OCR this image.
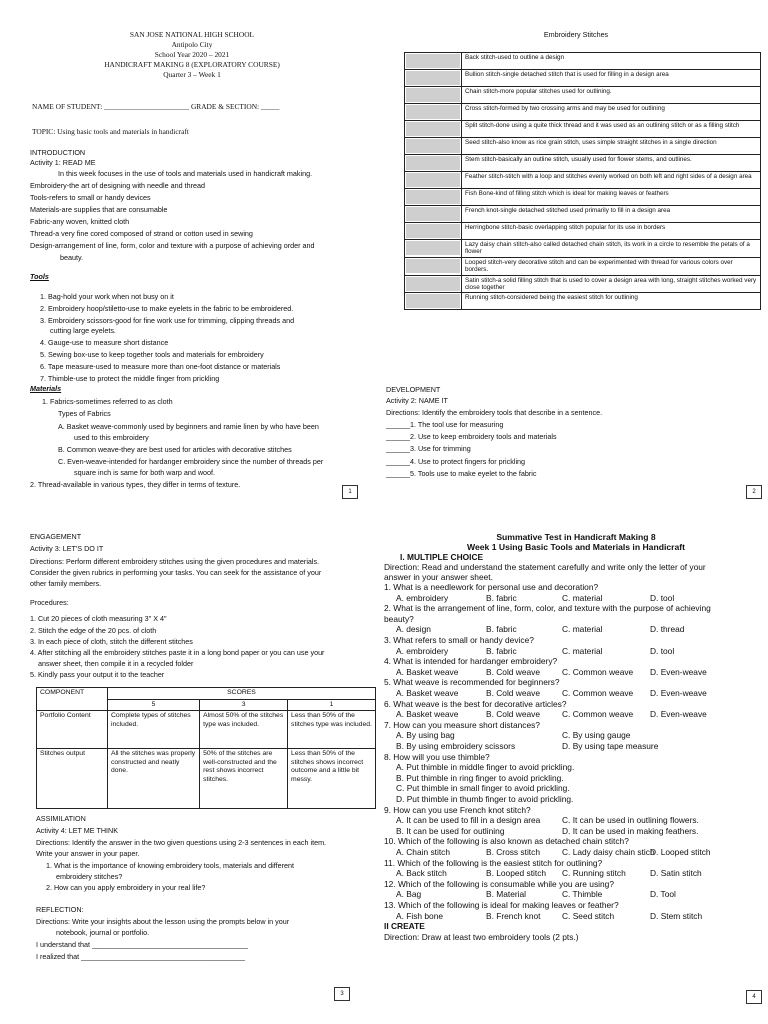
SAN JOSE NATIONAL HIGH SCHOOL
Antipolo City
School Year 2020 – 2021
HANDICRAFT MAKING 8 (EXPLORATORY COURSE)
Quarter 3 – Week 1
NAME OF STUDENT: _______________________ GRADE & SECTION: _____
TOPIC: Using basic tools and materials in handicraft
INTRODUCTION
Activity 1: READ ME
In this week focuses in the use of tools and materials used in handicraft making.
Embroidery-the art of designing with needle and thread
Tools-refers to small or handy devices
Materials-are supplies that are consumable
Fabric-any woven, knitted cloth
Thread-a very fine cored composed of strand or cotton used in sewing
Design-arrangement of line, form, color and texture with a purpose of achieving order and
beauty.
Tools
1. Bag-hold your work when not busy on it
2. Embroidery hoop/stiletto-use to make eyelets in the fabric to be embroidered.
3. Embroidery scissors-good for fine work use for trimming, clipping threads and
cutting large eyelets.
4. Gauge-use to measure short distance
5. Sewing box-use to keep together tools and materials for embroidery
6. Tape measure-used to measure more than one-foot distance or materials
7. Thimble-use to protect the middle finger from prickling
Materials
1. Fabrics-sometimes referred to as cloth
Types of Fabrics
A. Basket weave-commonly used by beginners and ramie linen by who have been
used to this embroidery
B. Common weave-they are best used for articles with decorative stitches
C. Even-weave-intended for hardanger embroidery since the number of threads per
square inch is same for both warp and woof.
2. Thread-available in various types, they differ in terms of texture.
1
Embroidery Stitches
	Back stitch-used to outline a design

	Bullion stitch-single detached stitch that is used for filling in a design area

	Chain stitch-more popular stitches used for outlining.

	Cross stitch-formed by two crossing arms and may be used for outlining

	Split stitch-done using a quite thick thread and it was used as an outlining stitch or as a filling stitch

	Seed stitch-also know as rice grain stitch, uses simple straight stitches in a single direction

	Stem stitch-basically an outline stitch, usually used for flower stems, and outlines.

	Feather stitch-stitch with a loop and stitches evenly worked on both left and right sides of a design area

	Fish Bone-kind of filling stitch which is ideal for making leaves or feathers

	French knot-single detached stitched used primarily to fill in a design area

	Herringbone stitch-basic overlapping stitch popular for its use in borders

	Lazy daisy chain stitch-also called detached chain stitch, its work in a circle to resemble the petals of a flower

	Looped stitch-very decorative stitch and can be experimented with thread for various colors over borders.

	Satin stitch-a solid filling stitch that is used to cover a design area with long, straight stitches worked very close together

	Running stitch-considered being the easiest stitch for outlining
DEVELOPMENT
Activity 2: NAME IT
Directions: Identify the embroidery tools that describe in a sentence.
______1. The tool use for measuring
______2. Use to keep embroidery tools and materials
______3. Use for trimming
______4. Use to protect fingers for prickling
______5. Tools use to make eyelet to the fabric
2
ENGAGEMENT
Activity 3: LET'S DO IT
Directions: Perform different embroidery stitches using the given procedures and materials.
Consider the given rubrics in performing your tasks. You can seek for the assistance of your
other family members.
Procedures:
1. Cut 20 pieces of cloth measuring 3" X 4"
2. Stitch the edge of the 20 pcs. of cloth
3. In each piece of cloth, stitch the different stitches
4. After stitching all the embroidery stitches paste it in a long bond paper or you can use your
answer sheet, then compile it in a recycled folder
5. Kindly pass your output it to the teacher
COMPONENT	SCORES		
	5	3	1
Portfolio Content	Complete types of stitches included.	Almost 50% of the stitches type was included.	Less than 50% of the stitches type was included.
Stitches output	All the stitches was properly constructed and neatly done.	50% of the stitches are well-constructed and the rest shows incorrect stitches.	Less than 50% of the stitches shows incorrect outcome and a little bit messy.
ASSIMILATION
Activity 4: LET ME THINK
Directions: Identify the answer in the two given questions using 2-3 sentences in each item.
Write your answer in your paper.
1. What is the importance of knowing embroidery tools, materials and different
embroidery stitches?
2. How can you apply embroidery in your real life?
REFLECTION:
Directions: Write your insights about the lesson using the prompts below in your
notebook, journal or portfolio.
I understand that _______________________________________
I realized that _________________________________________
3
Summative Test in Handicraft Making 8
Week 1 Using Basic Tools and Materials in Handicraft
I. MULTIPLE CHOICE
Direction: Read and understand the statement carefully and write only the letter of your
answer in your answer sheet.
1. What is a needlework for personal use and decoration?
A. embroidery	B. fabric	C. material	D. tool
2. What is the arrangement of line, form, color, and texture with the purpose of achieving
beauty?
A. design	B. fabric	C. material	D. thread
3. What refers to small or handy device?
A. embroidery	B. fabric	C. material	D. tool
4. What is intended for hardanger embroidery?
A. Basket weave	B. Cold weave	C. Common weave D. Even-weave
5. What weave is recommended for beginners?
A. Basket weave	B. Cold weave	C. Common weave D. Even-weave
6. What weave is the best for decorative articles?
A. Basket weave	B. Cold weave	C. Common weave D. Even-weave
7. How can you measure short distances?
A. By using bag	C. By using gauge
B. By using embroidery scissors	D. By using tape measure
8. How will you use thimble?
A. Put thimble in middle finger to avoid prickling.
B. Put thimble in ring finger to avoid prickling.
C. Put thimble in small finger to avoid prickling.
D. Put thimble in thumb finger to avoid prickling.
9. How can you use French knot stitch?
A. It can be used to fill in a design area	C. It can be used in outlining flowers.
B. It can be used for outlining	D. It can be used in making feathers.
10. Which of the following is also known as detached chain stitch?
A. Chain stitch	B. Cross stitch	C. Lady daisy chain stich
D. Looped stitch
11. Which of the following is the easiest stitch for outlining?
A. Back stitch	B. Looped stitch C. Running stitch	D. Satin stitch
12. Which of the following is consumable while you are using?
A. Bag	B. Material	C. Thimble	D. Tool
13. Which of the following is ideal for making leaves or feather?
A. Fish bone	B. French knot	C. Seed stitch	D. Stem stitch
II CREATE
Direction: Draw at least two embroidery tools (2 pts.)
4
